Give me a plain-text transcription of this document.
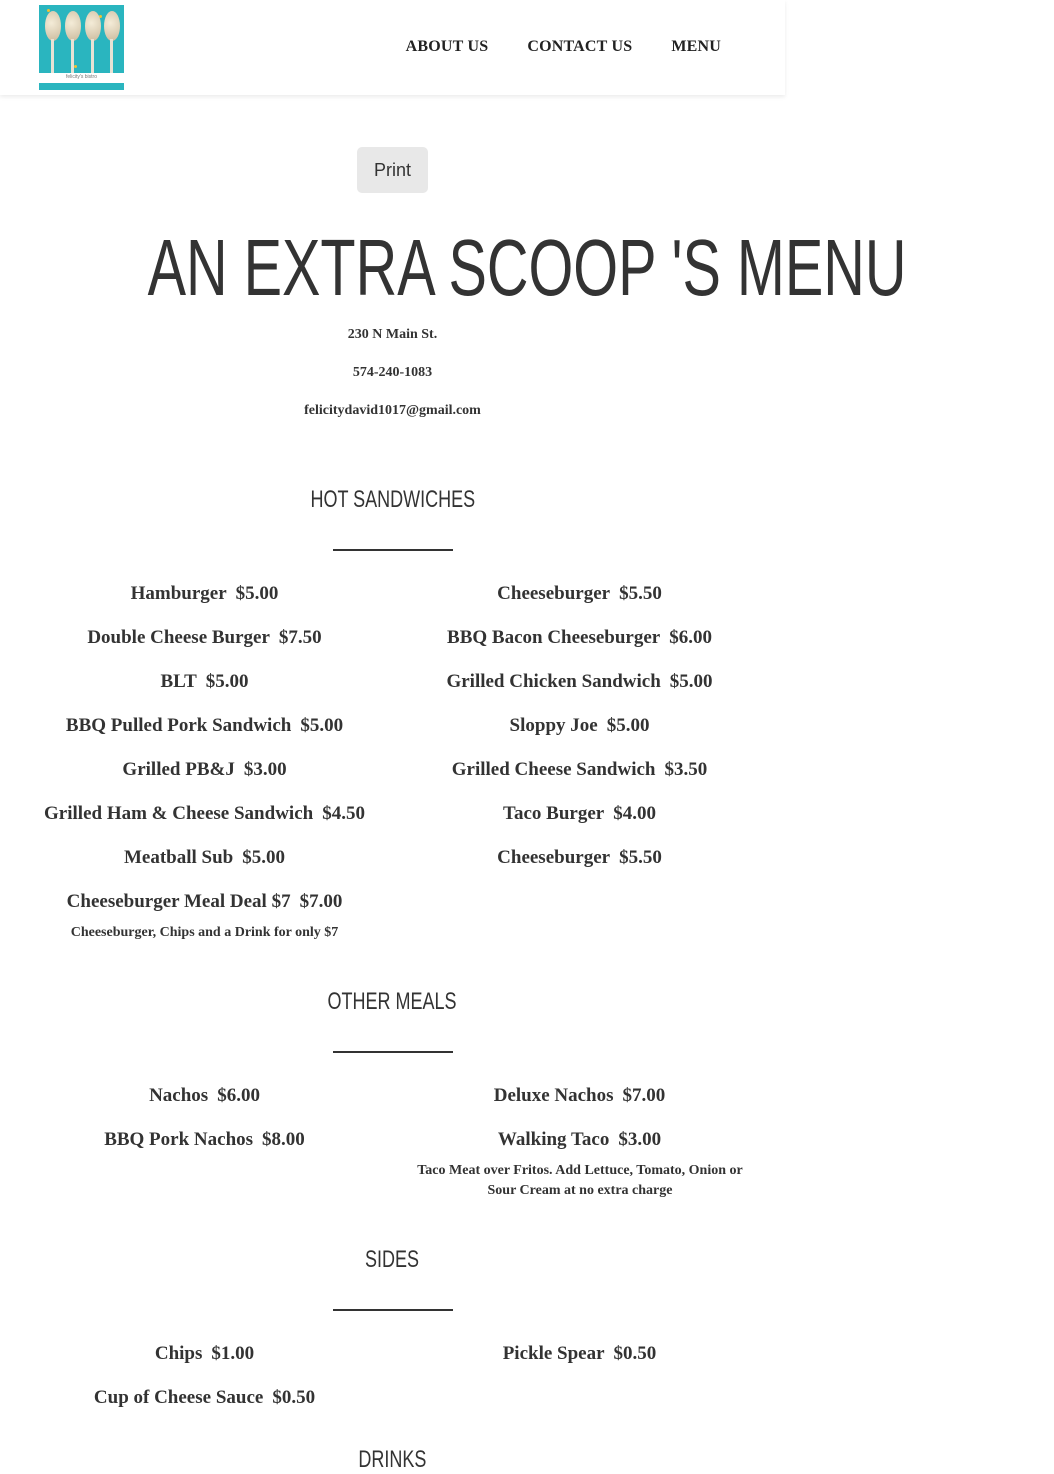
felicity's bistro
ABOUT US CONTACT US MENU
Print
AN EXTRA SCOOP 'S MENU
230 N Main St.
574-240-1083
felicitydavid1017@gmail.com
HOT SANDWICHES
Hamburger $5.00	Cheeseburger $5.50
Double Cheese Burger $7.50	BBQ Bacon Cheeseburger $6.00
BLT $5.00	Grilled Chicken Sandwich $5.00
BBQ Pulled Pork Sandwich $5.00	Sloppy Joe $5.00
Grilled PB&J $3.00	Grilled Cheese Sandwich $3.50
Grilled Ham & Cheese Sandwich $4.50	Taco Burger $4.00
Meatball Sub $5.00	Cheeseburger $5.50
Cheeseburger Meal Deal $7 $7.00
Cheeseburger, Chips and a Drink for only $7
OTHER MEALS
Nachos $6.00	Deluxe Nachos $7.00
BBQ Pork Nachos $8.00	Walking Taco $3.00
Taco Meat over Fritos. Add Lettuce, Tomato, Onion or Sour Cream at no extra charge
SIDES
Chips $1.00	Pickle Spear $0.50
Cup of Cheese Sauce $0.50
DRINKS
